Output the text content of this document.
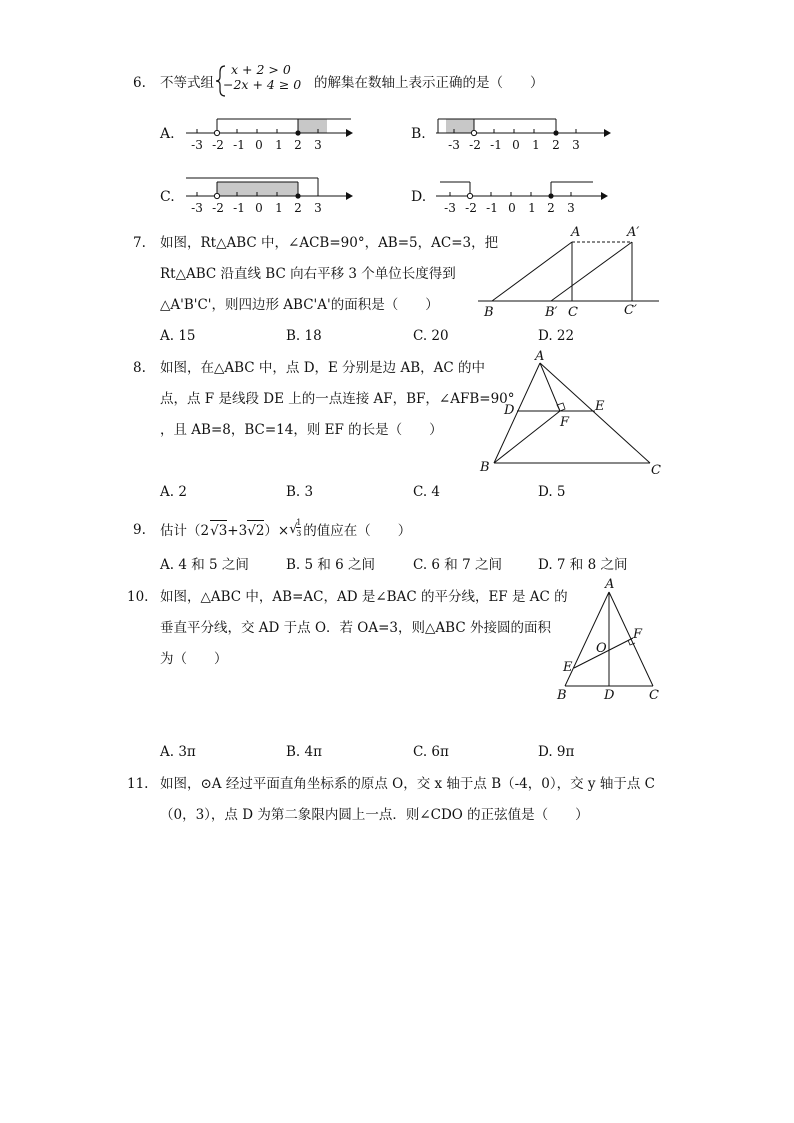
6. 不等式组
x + 2 > 0
−2x + 4 ≥ 0 的解集在数轴上表示正确的是（　　）
A.
-3 -2 -1 0 1 2 3
B.
-3 -2 -1 0 1 2 3
C.
-3 -2 -1 0 1 2 3
D.
-3 -2 -1 0 1 2 3
7. 如图，Rt△ABC 中，∠ACB=90°，AB=5，AC=3，把
Rt△ABC 沿直线 BC 向右平移 3 个单位长度得到
△A'B'C'，则四边形 ABC'A'的面积是（　　）
A. 15	B. 18	C. 20	D. 22
A	A′
B	B′ C	C′
8. 如图，在△ABC 中，点 D，E 分别是边 AB，AC 的中
点，点 F 是线段 DE 上的一点连接 AF，BF，∠AFB=90°
，且 AB=8，BC=14，则 EF 的长是（　　）
A. 2	B. 3	C. 4	D. 5
A
B	C
D	E
F
9. 估计（2√3+3√2）× √
1
3 的值应在（　　）
A. 4 和 5 之间	B. 5 和 6 之间	C. 6 和 7 之间	D. 7 和 8 之间
10. 如图，△ABC 中，AB=AC，AD 是∠BAC 的平分线，EF 是 AC 的
垂直平分线，交 AD 于点 O．若 OA=3，则△ABC 外接圆的面积
为（　　）
A. 3π	B. 4π	C. 6π	D. 9π
A
B	C
D
E
F
O
11. 如图，⊙A 经过平面直角坐标系的原点 O，交 x 轴于点 B（-4，0），交 y 轴于点 C
（0，3），点 D 为第二象限内圆上一点．则∠CDO 的正弦值是（　　）
